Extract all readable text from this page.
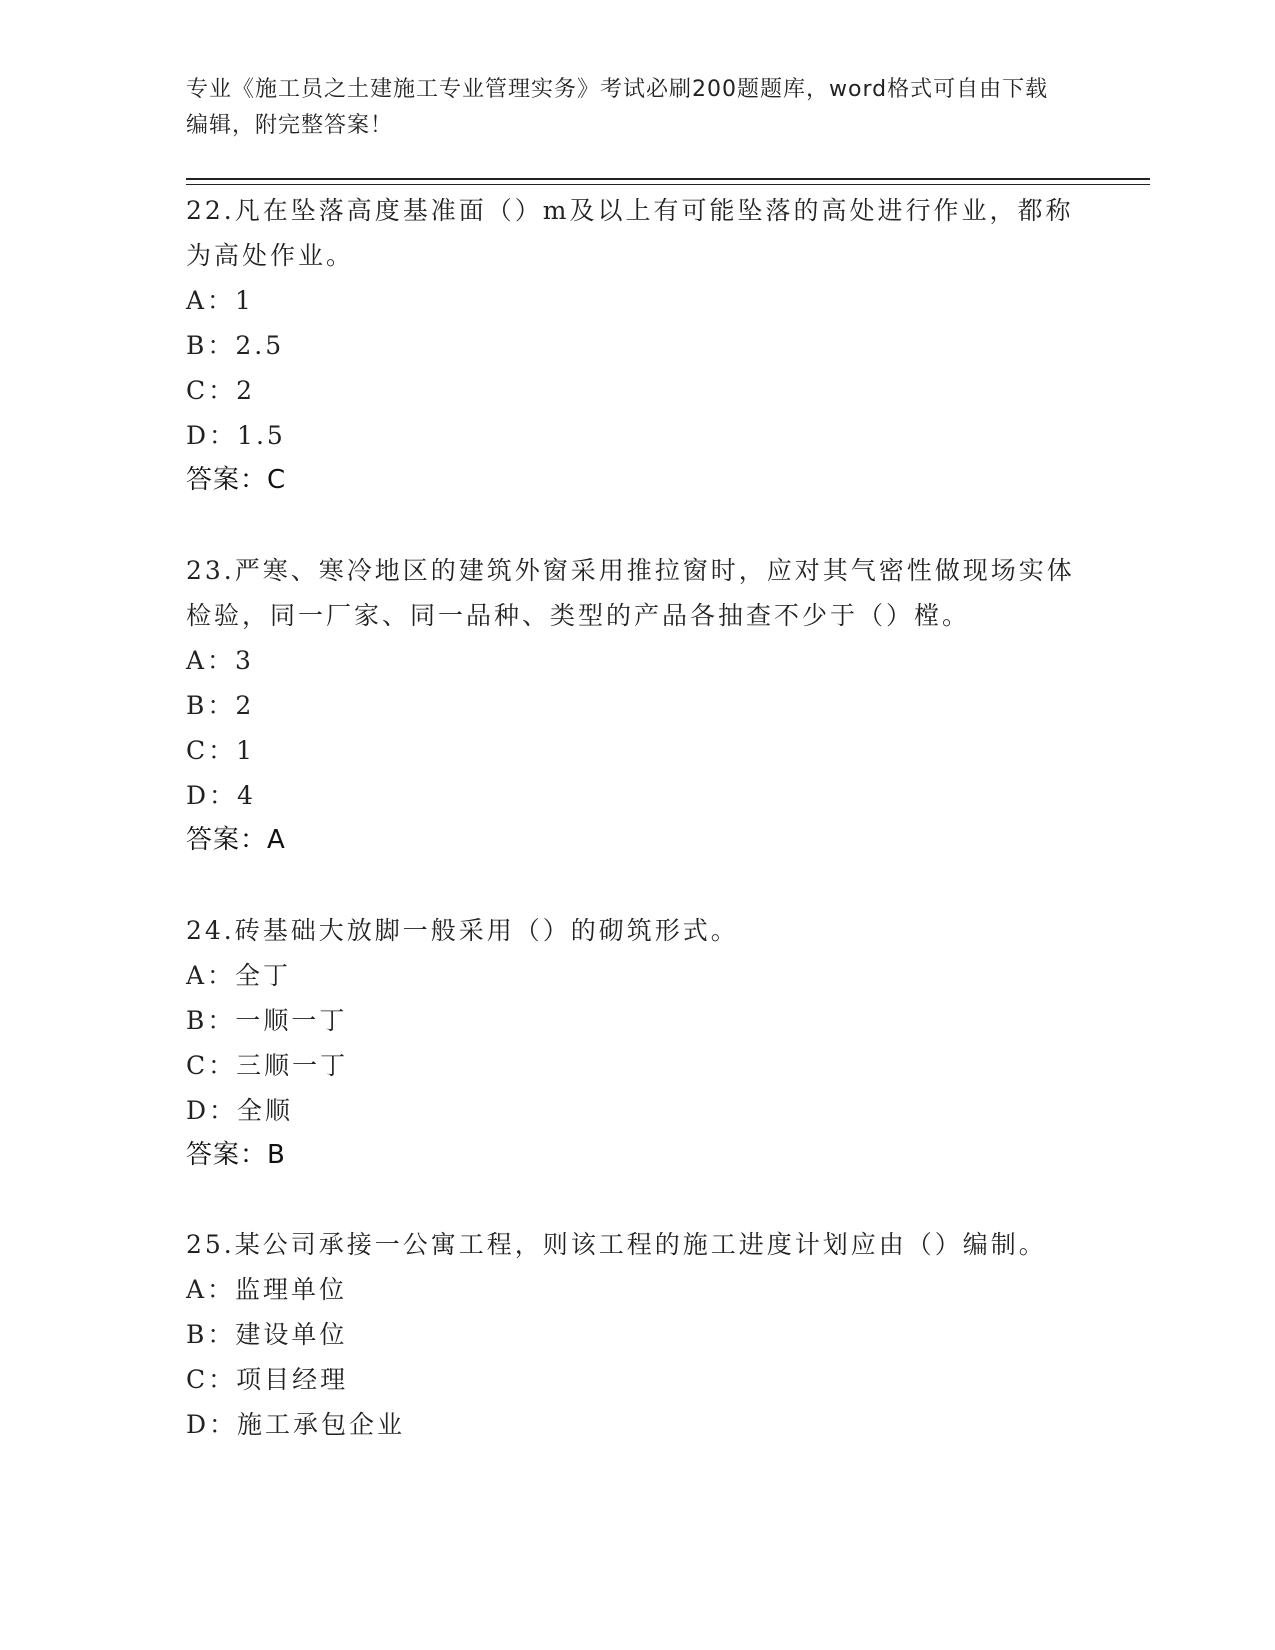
专业《施工员之土建施工专业管理实务》考试必刷200题题库，word格式可自由下载编辑，附完整答案！

22.凡在坠落高度基准面（）m及以上有可能坠落的高处进行作业，都称为高处作业。

A：1

B：2.5

C：2

D：1.5

答案：C

23.严寒、寒冷地区的建筑外窗采用推拉窗时，应对其气密性做现场实体检验，同一厂家、同一品种、类型的产品各抽查不少于（）樘。

A：3

B：2

C：1

D：4

答案：A

24.砖基础大放脚一般采用（）的砌筑形式。

A：全丁

B：一顺一丁

C：三顺一丁

D：全顺

答案：B

25.某公司承接一公寓工程，则该工程的施工进度计划应由（）编制。

A：监理单位

B：建设单位

C：项目经理

D：施工承包企业
